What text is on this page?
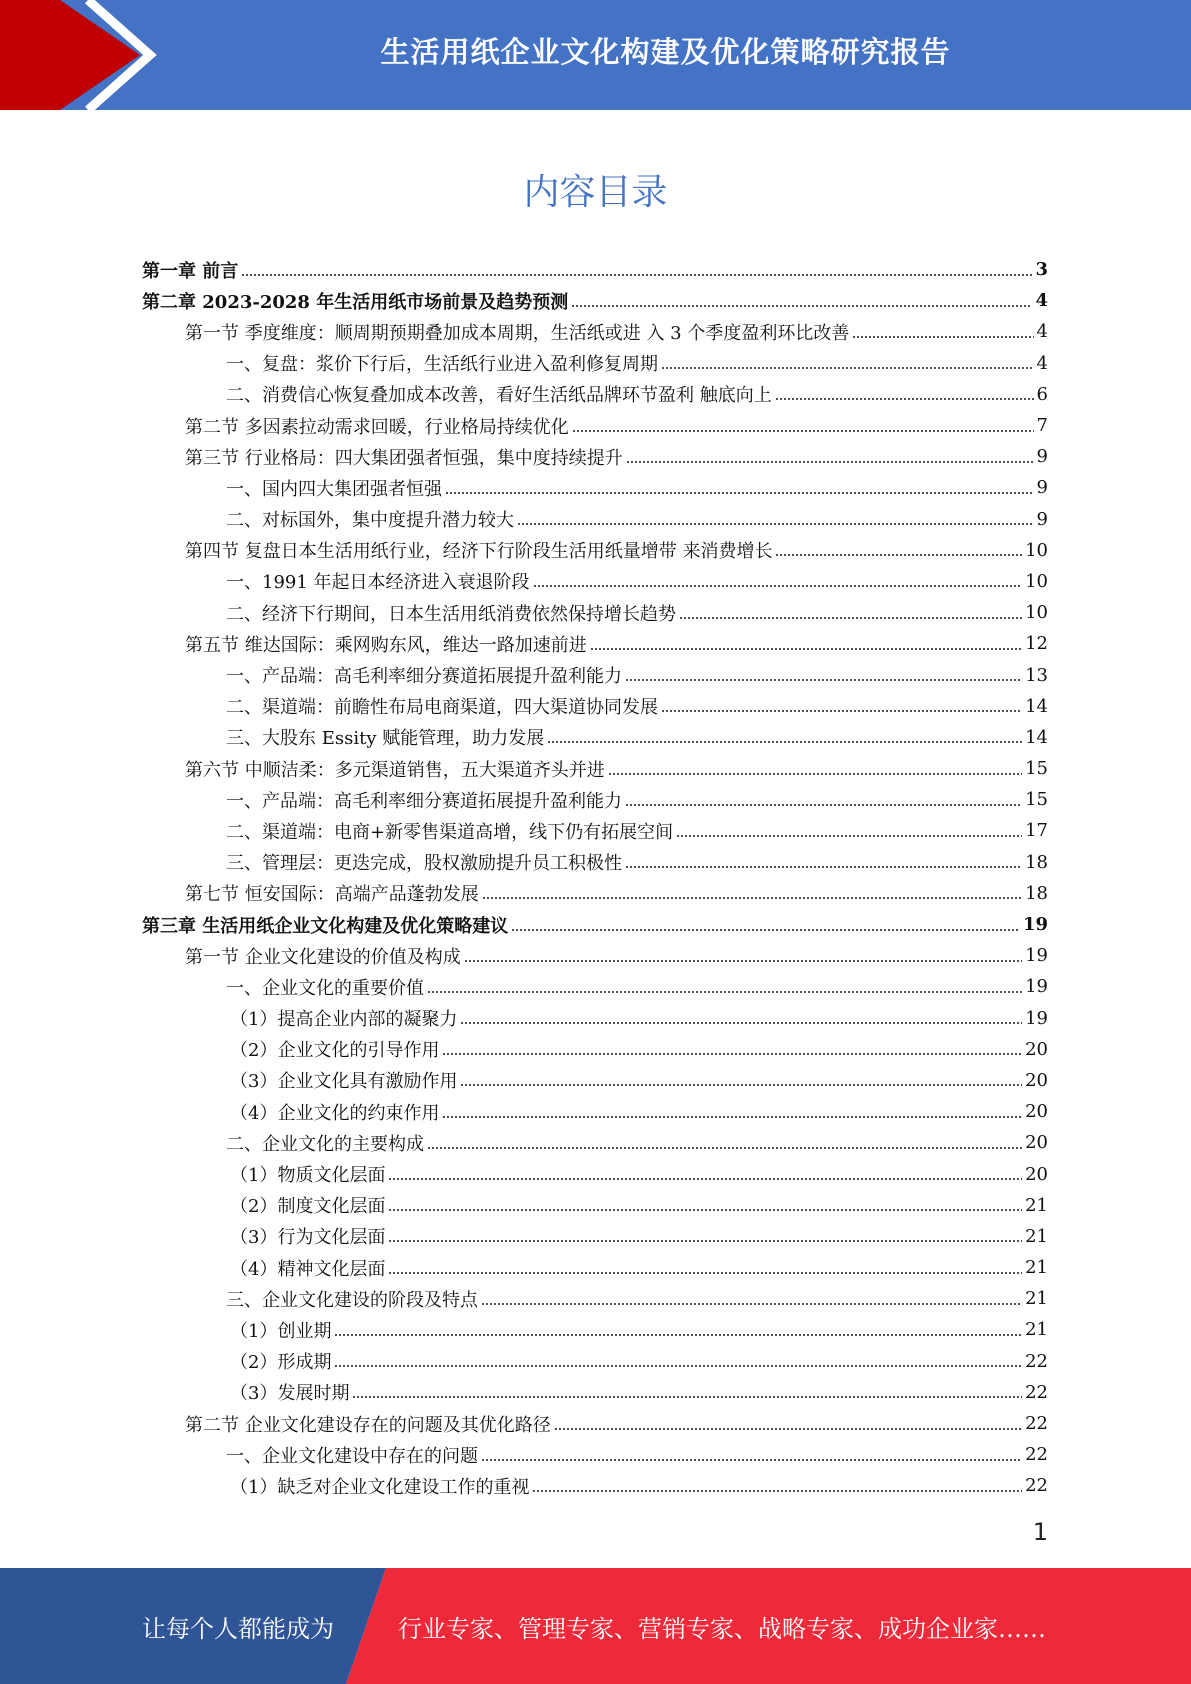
生活用纸企业文化构建及优化策略研究报告
内容目录
第一章 前言	3
第二章 2023-2028 年生活用纸市场前景及趋势预测	4
第一节 季度维度：顺周期预期叠加成本周期，生活纸或进 入 3 个季度盈利环比改善	4
一、复盘：浆价下行后，生活纸行业进入盈利修复周期	4
二、消费信心恢复叠加成本改善，看好生活纸品牌环节盈利 触底向上	6
第二节 多因素拉动需求回暖，行业格局持续优化	7
第三节 行业格局：四大集团强者恒强，集中度持续提升	9
一、国内四大集团强者恒强	9
二、对标国外，集中度提升潜力较大	9
第四节 复盘日本生活用纸行业，经济下行阶段生活用纸量增带 来消费增长	10
一、1991 年起日本经济进入衰退阶段	10
二、经济下行期间，日本生活用纸消费依然保持增长趋势	10
第五节 维达国际：乘网购东风，维达一路加速前进	12
一、产品端：高毛利率细分赛道拓展提升盈利能力	13
二、渠道端：前瞻性布局电商渠道，四大渠道协同发展	14
三、大股东 Essity 赋能管理，助力发展	14
第六节 中顺洁柔：多元渠道销售，五大渠道齐头并进	15
一、产品端：高毛利率细分赛道拓展提升盈利能力	15
二、渠道端：电商+新零售渠道高增，线下仍有拓展空间	17
三、管理层：更迭完成，股权激励提升员工积极性	18
第七节 恒安国际：高端产品蓬勃发展	18
第三章 生活用纸企业文化构建及优化策略建议	19
第一节 企业文化建设的价值及构成	19
一、企业文化的重要价值	19
（1）提高企业内部的凝聚力	19
（2）企业文化的引导作用	20
（3）企业文化具有激励作用	20
（4）企业文化的约束作用	20
二、企业文化的主要构成	20
（1）物质文化层面	20
（2）制度文化层面	21
（3）行为文化层面	21
（4）精神文化层面	21
三、企业文化建设的阶段及特点	21
（1）创业期	21
（2）形成期	22
（3）发展时期	22
第二节 企业文化建设存在的问题及其优化路径	22
一、企业文化建设中存在的问题	22
（1）缺乏对企业文化建设工作的重视	22
1
让每个人都能成为	行业专家、管理专家、营销专家、战略专家、成功企业家……
